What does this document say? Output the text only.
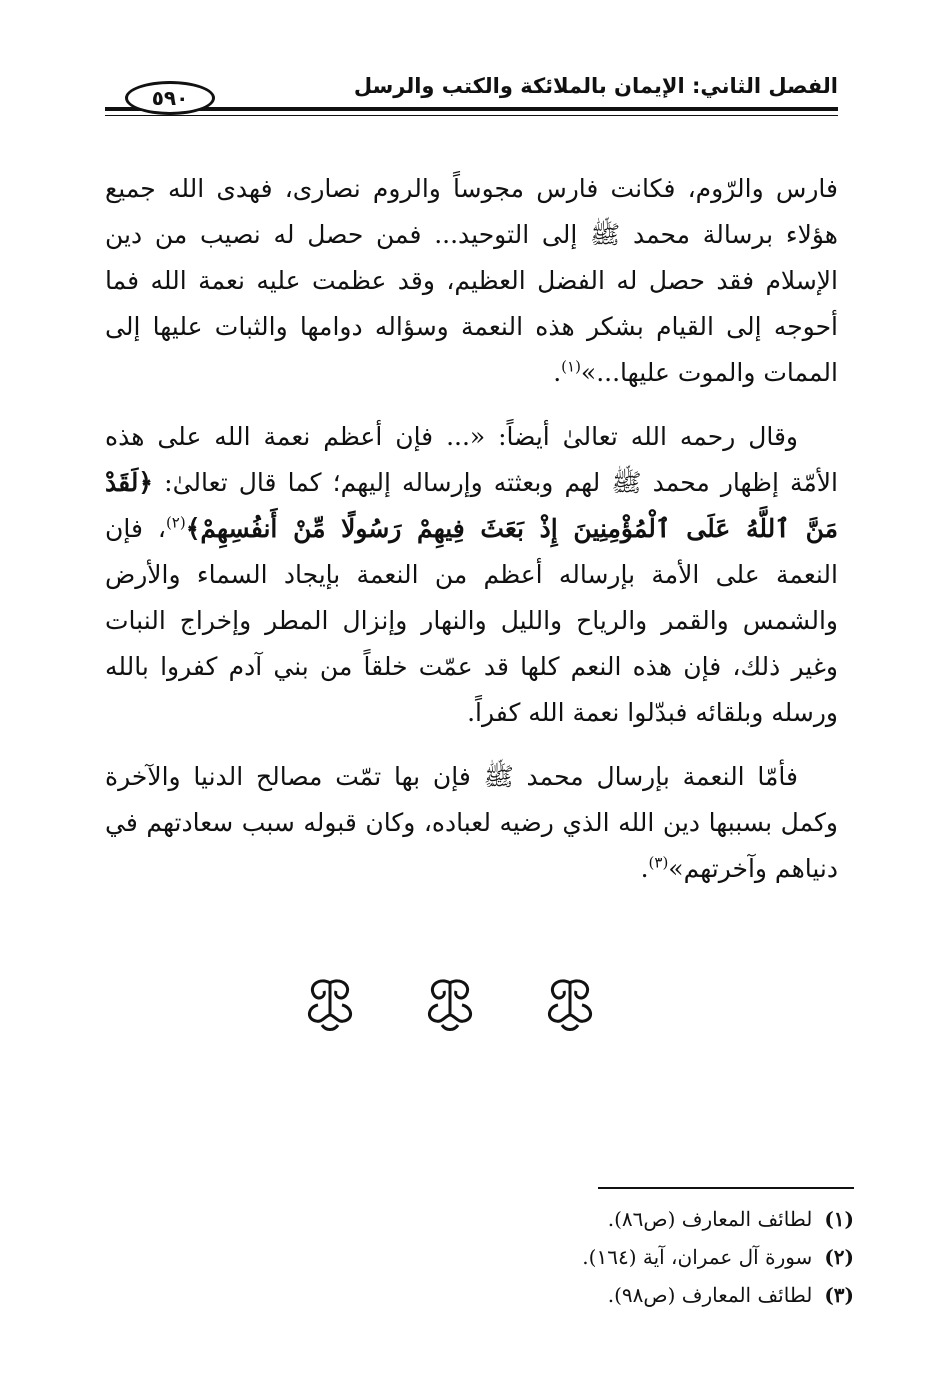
الفصل الثاني: الإيمان بالملائكة والكتب والرسل
٥٩٠

فارس والرّوم، فكانت فارس مجوساً والروم نصارى، فهدى الله جميع هؤلاء برسالة محمد ﷺ إلى التوحيد... فمن حصل له نصيب من دين الإسلام فقد حصل له الفضل العظيم، وقد عظمت عليه نعمة الله فما أحوجه إلى القيام بشكر هذه النعمة وسؤاله دوامها والثبات عليها إلى الممات والموت عليها...»$^{(١)}$.

وقال رحمه الله تعالىٰ أيضاً: «... فإن أعظم نعمة الله على هذه الأمّة إظهار محمد ﷺ لهم وبعثته وإرساله إليهم؛ كما قال تعالىٰ: ﴿لَقَدْ مَنَّ ٱللَّهُ عَلَى ٱلْمُؤْمِنِينَ إِذْ بَعَثَ فِيهِمْ رَسُولًا مِّنْ أَنفُسِهِمْ﴾$^{(٢)}$، فإن النعمة على الأمة بإرساله أعظم من النعمة بإيجاد السماء والأرض والشمس والقمر والرياح والليل والنهار وإنزال المطر وإخراج النبات وغير ذلك، فإن هذه النعم كلها قد عمّت خلقاً من بني آدم كفروا بالله ورسله وبلقائه فبدّلوا نعمة الله كفراً.

فأمّا النعمة بإرسال محمد ﷺ فإن بها تمّت مصالح الدنيا والآخرة وكمل بسببها دين الله الذي رضيه لعباده، وكان قبوله سبب سعادتهم في دنياهم وآخرتهم»$^{(٣)}$.

(١)لطائف المعارف (ص٨٦).
(٢)سورة آل عمران، آية (١٦٤).
(٣)لطائف المعارف (ص٩٨).
